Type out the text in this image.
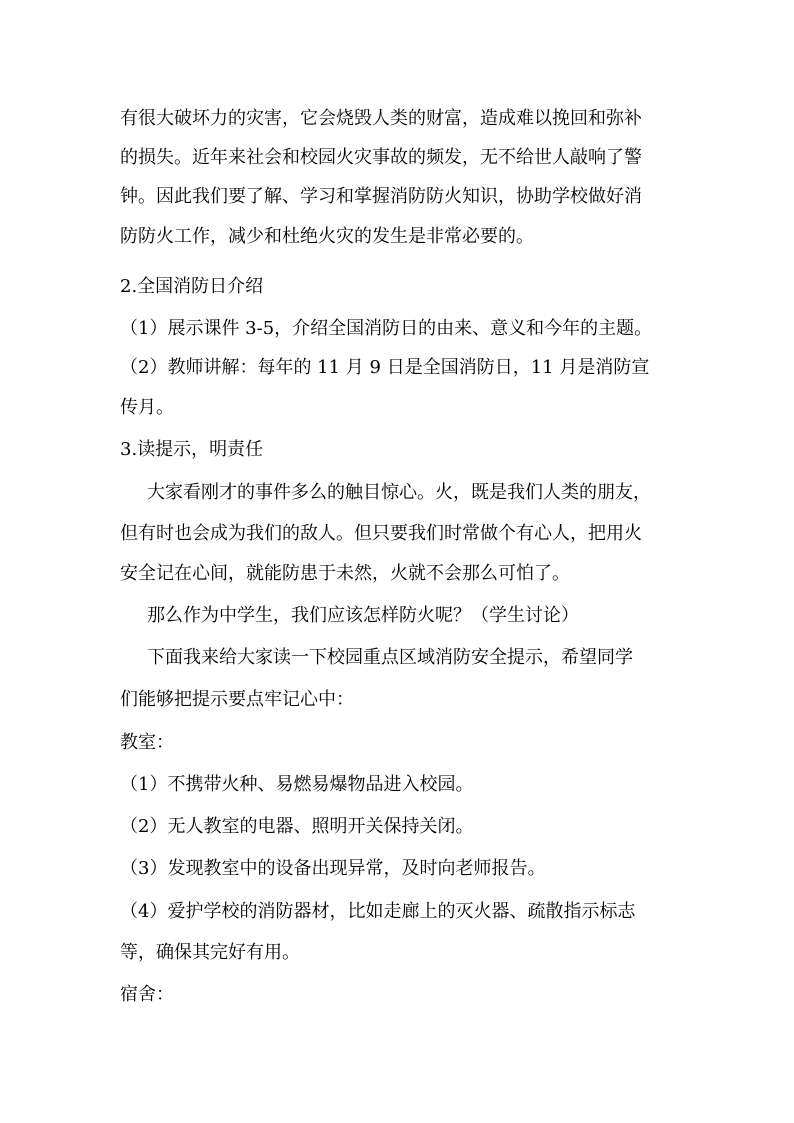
有很大破坏力的灾害，它会烧毁人类的财富，造成难以挽回和弥补
的损失。近年来社会和校园火灾事故的频发，无不给世人敲响了警
钟。因此我们要了解、学习和掌握消防防火知识，协助学校做好消
防防火工作，减少和杜绝火灾的发生是非常必要的。
2.全国消防日介绍
（1）展示课件 3-5，介绍全国消防日的由来、意义和今年的主题。
（2）教师讲解：每年的 11 月 9 日是全国消防日，11 月是消防宣
传月。
3.读提示，明责任
大家看刚才的事件多么的触目惊心。火，既是我们人类的朋友，
但有时也会成为我们的敌人。但只要我们时常做个有心人，把用火
安全记在心间，就能防患于未然，火就不会那么可怕了。
那么作为中学生，我们应该怎样防火呢？（学生讨论）
下面我来给大家读一下校园重点区域消防安全提示，希望同学
们能够把提示要点牢记心中：
教室：
（1）不携带火种、易燃易爆物品进入校园。
（2）无人教室的电器、照明开关保持关闭。
（3）发现教室中的设备出现异常，及时向老师报告。
（4）爱护学校的消防器材，比如走廊上的灭火器、疏散指示标志
等，确保其完好有用。
宿舍：
